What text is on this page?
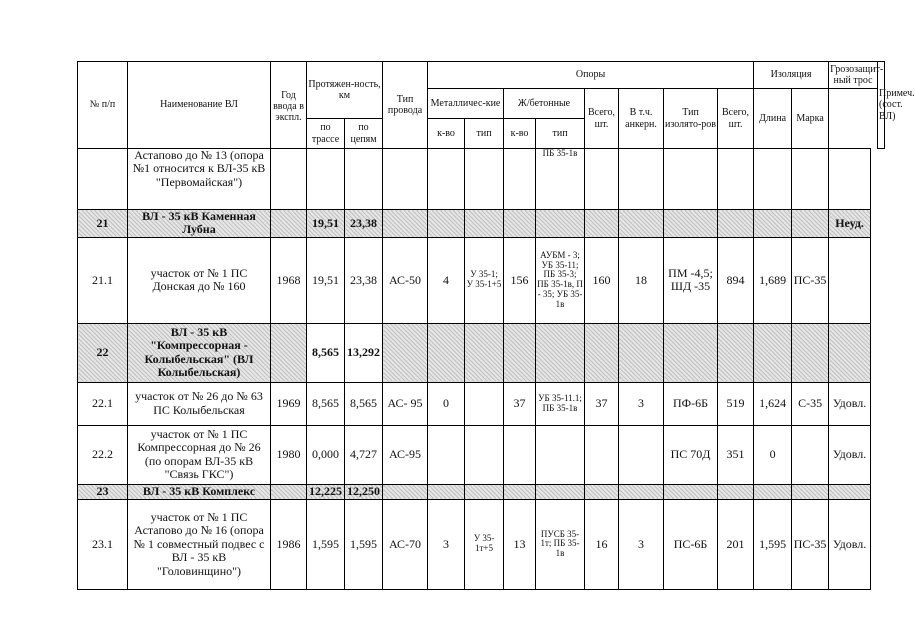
№ п/п	Наименование ВЛ	Год ввода в экспл.	Протяжен-ность, км		Тип провода	Опоры								Изоляция		Грозозащит-ный трос	Примеч. (сост. ВЛ)
						Металличес-кие		Ж/бетонные		Всего, шт.	В т.ч. анкерн.	Тип изолято-ров	Всего, шт.	Длина	Марка		
			по трассе	по цепям		к-во	тип	к-во	тип								
	Астапово до № 13 (опора №1 относится к ВЛ-35 кВ "Первомайская")								ПБ 35-1в								
21	ВЛ - 35 кВ Каменная Лубна		19,51	23,38												Неуд.	
21.1	участок от № 1 ПС Донская до № 160	1968	19,51	23,38	АС-50	4	У 35-1; У 35-1+5	156	АУБМ - 3; УБ 35-11; ПБ 35-3; ПБ 35-1в, П - 35; УБ 35-1в	160	18	ПМ -4,5; ШД -35	894	1,689	ПС-35		
22	ВЛ - 35 кВ "Компрессорная - Колыбельская" (ВЛ Колыбельская)		8,565	13,292													
22.1	участок от № 26 до № 63 ПС Колыбельская	1969	8,565	8,565	АС- 95	0		37	УБ 35-11.1; ПБ 35-1в	37	3	ПФ-6Б	519	1,624	С-35	Удовл.	
22.2	участок от № 1 ПС Компрессорная до № 26 (по опорам ВЛ-35 кВ "Связь ГКС")	1980	0,000	4,727	АС-95							ПС 70Д	351	0		Удовл.	
23	ВЛ - 35 кВ Комплекс		12,225	12,250													
23.1	участок от № 1 ПС Астапово до № 16 (опора № 1 совместный подвес с ВЛ - 35 кВ "Головинщино")	1986	1,595	1,595	АС-70	3	У 35-1т+5	13	ПУСБ 35-1т; ПБ 35-1в	16	3	ПС-6Б	201	1,595	ПС-35	Удовл.	
